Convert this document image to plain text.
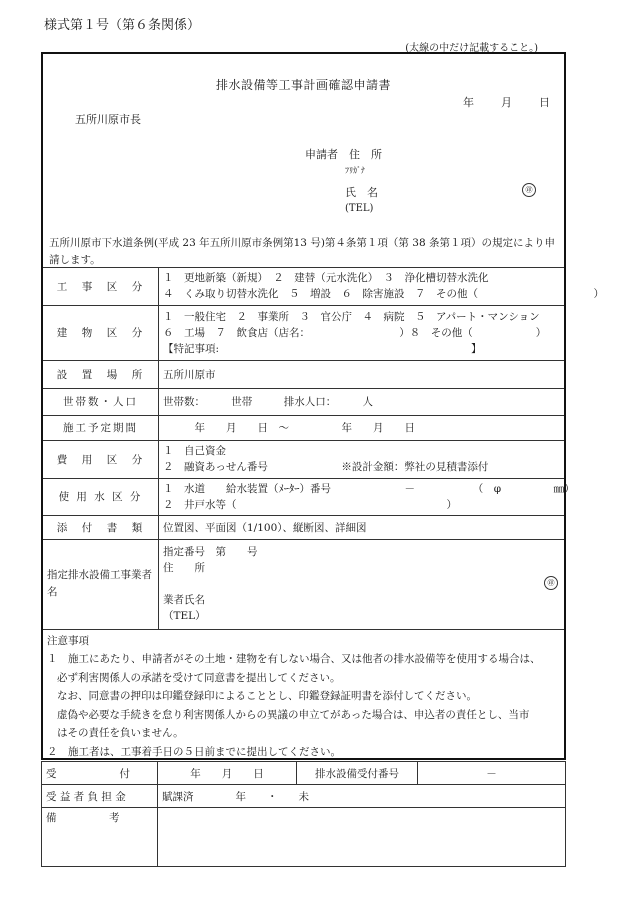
様式第１号（第６条関係）
(太線の中だけ記載すること。)
排水設備等工事計画確認申請書
年 月 日
五所川原市長
申請者　住　所
ﾌﾘｶﾞﾅ
氏　名	㊞
(TEL)
五所川原市下水道条例(平成 23 年五所川原市条例第13 号)第４条第１項（第 38 条第１項）の規定により申請します。
工　事　区　分	１　更地新築（新規）　２　建替（元水洗化）　３　浄化槽切替水洗化
４　くみ取り切替水洗化　５　増設　６　除害施設　７　その他（　　　　　　　　　　　）

建　物　区　分	１　一般住宅　２　事業所　３　官公庁　４　病院　５　アパート・マンション
６　工場　７　飲食店（店名：　　　　　　　　　）８　その他（　　　　　　）
【特記事項:　　　　　　　　　　　　　　　　　　　　　　　　】

設　置　場　所	五所川原市
世帯数・人口	世帯数：　　　世帯　　　排水人口：　　　人
施工予定期間	　　　年　　月　　日　～　　　　　年　　月　　日
費　用　区　分	１　自己資金
２　融資あっせん番号　　　　　　　※設計金額：弊社の見積書添付

使 用 水 区 分	１　水道　　給水装置（ﾒｰﾀｰ）番号　　　　　　　－　　　　　　（　φ　　　　　㎜）
２　井戸水等（　　　　　　　　　　　　　　　　　　　　）

添　付　書　類	位置図、平面図（1/100）、縦断図、詳細図
指定排水設備工事業者名	指定番号　第　　号
住　　所
業者氏名
（TEL）
㊞
注意事項
１　施工にあたり、申請者がその土地・建物を有しない場合、又は他者の排水設備等を使用する場合は、
必ず利害関係人の承諾を受けて同意書を提出してください。
なお、同意書の押印は印鑑登録印によることとし、印鑑登録証明書を添付してください。
虚偽や必要な手続きを怠り利害関係人からの異議の申立てがあった場合は、申込者の責任とし、当市
はその責任を負いません。
２　施工者は、工事着手日の５日前までに提出してください。
受　　　　　　付	年　　月　　日	排水設備受付番号	－
受 益 者 負 担 金	賦課済　　　　年　　・　　未		
備　　　　　考			
